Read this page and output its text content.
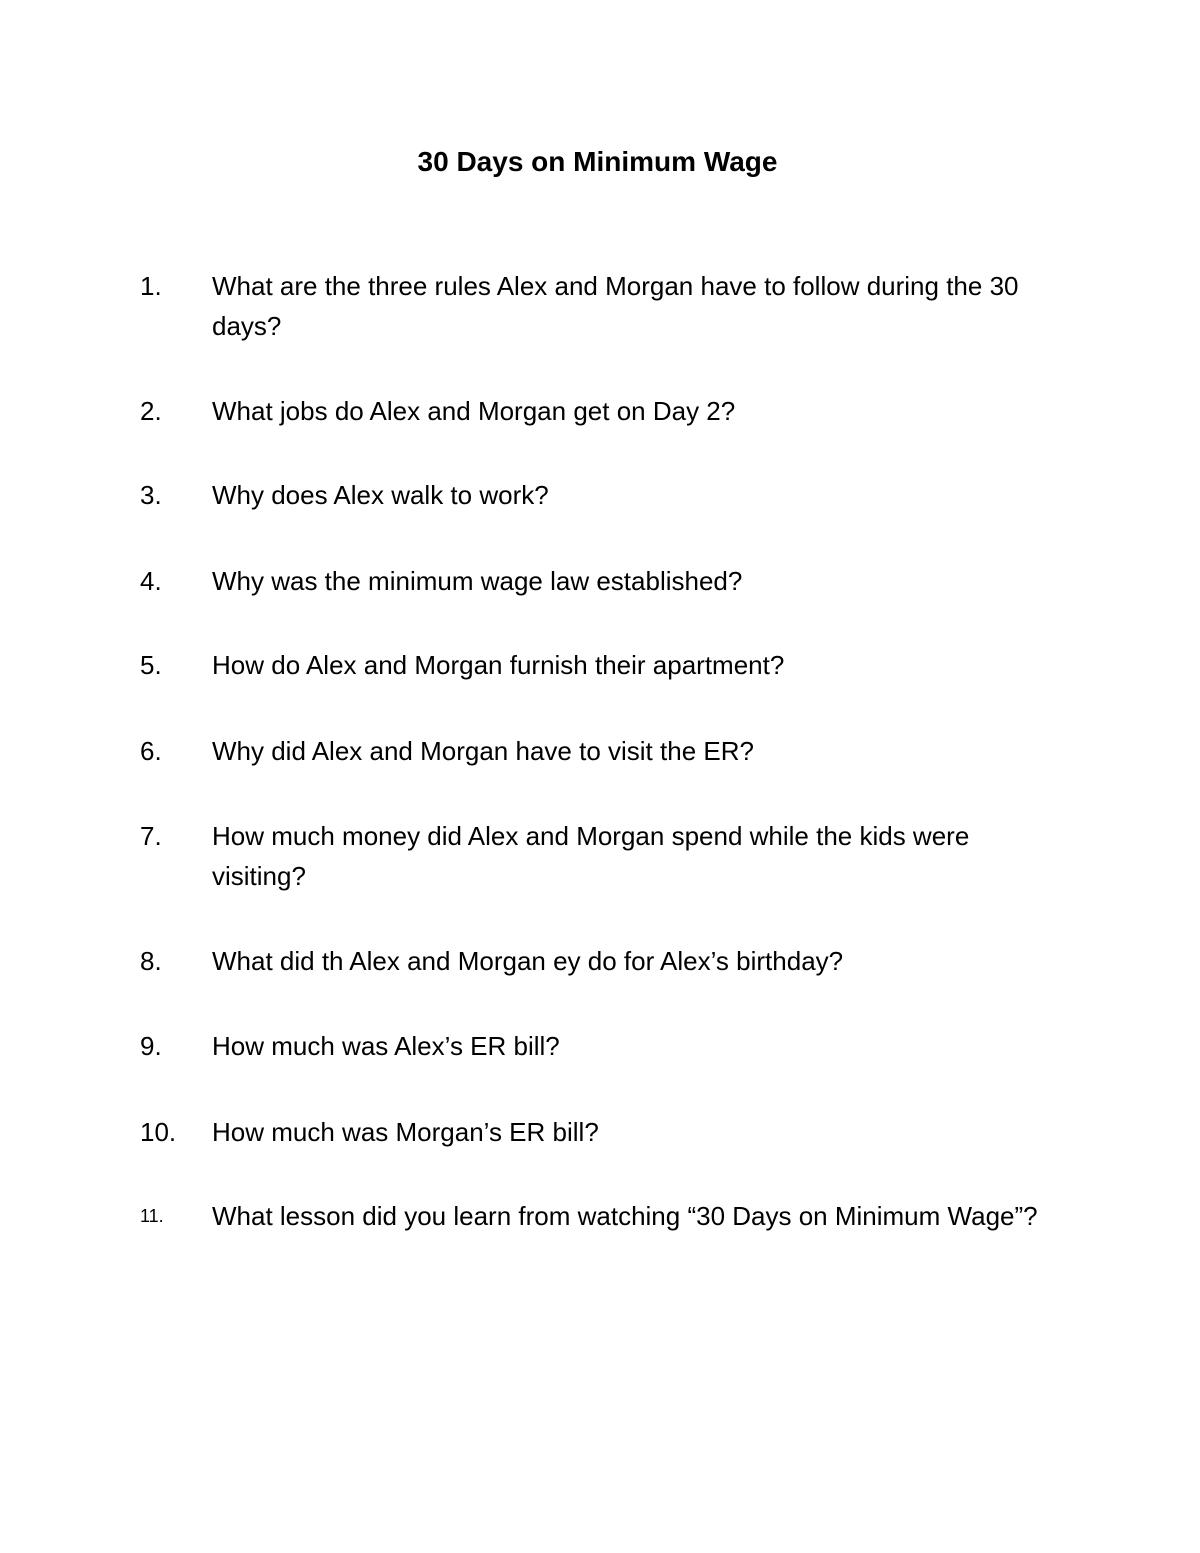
30 Days on Minimum Wage
1. What are the three rules Alex and Morgan have to follow during the 30 days?
2. What jobs do Alex and Morgan get on Day 2?
3. Why does Alex walk to work?
4. Why was the minimum wage law established?
5. How do Alex and Morgan furnish their apartment?
6. Why did Alex and Morgan have to visit the ER?
7. How much money did Alex and Morgan spend while the kids were visiting?
8. What did th Alex and Morgan ey do for Alex’s birthday?
9. How much was Alex’s ER bill?
10. How much was Morgan’s ER bill?
11. What lesson did you learn from watching “30 Days on Minimum Wage”?
